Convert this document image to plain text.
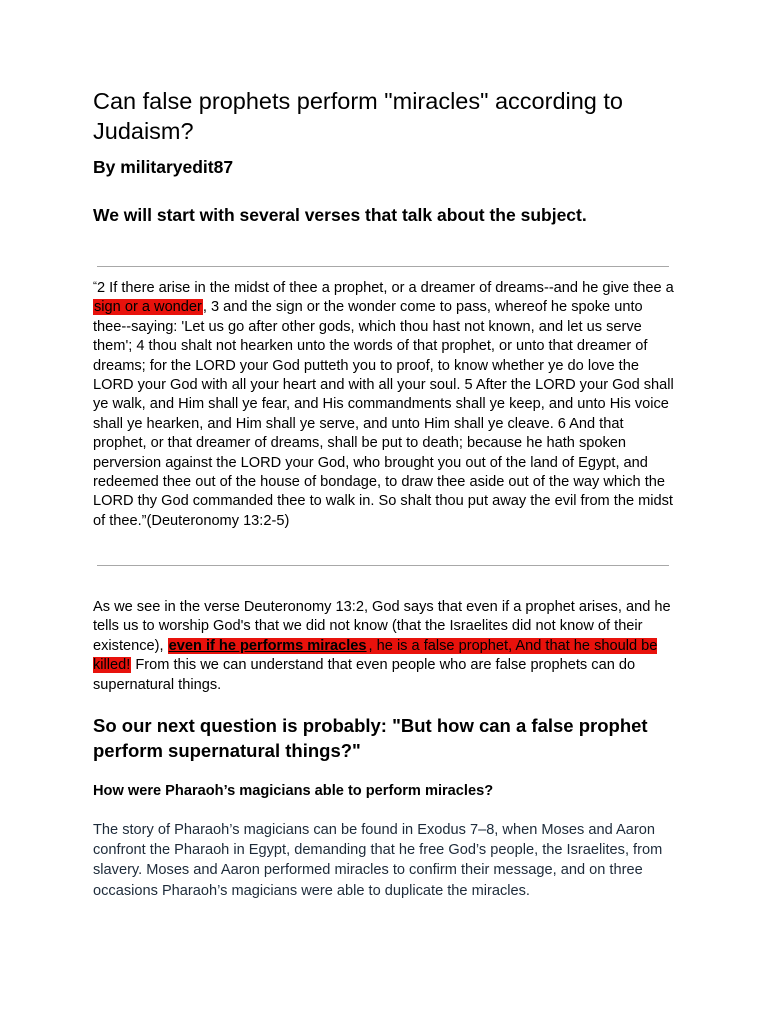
Can false prophets perform "miracles" according to Judaism?

By militaryedit87

We will start with several verses that talk about the subject.

“2 If there arise in the midst of thee a prophet, or a dreamer of dreams--and he give thee a sign or a wonder, 3 and the sign or the wonder come to pass, whereof he spoke unto thee--saying: 'Let us go after other gods, which thou hast not known, and let us serve them'; 4 thou shalt not hearken unto the words of that prophet, or unto that dreamer of dreams; for the LORD your God putteth you to proof, to know whether ye do love the LORD your God with all your heart and with all your soul. 5 After the LORD your God shall ye walk, and Him shall ye fear, and His commandments shall ye keep, and unto His voice shall ye hearken, and Him shall ye serve, and unto Him shall ye cleave. 6 And that prophet, or that dreamer of dreams, shall be put to death; because he hath spoken perversion against the LORD your God, who brought you out of the land of Egypt, and redeemed thee out of the house of bondage, to draw thee aside out of the way which the LORD thy God commanded thee to walk in. So shalt thou put away the evil from the midst of thee.”(Deuteronomy 13:2-5)

As we see in the verse Deuteronomy 13:2, God says that even if a prophet arises, and he tells us to worship God's that we did not know (that the Israelites did not know of their existence), even if he performs miracles , he is a false prophet, And that he should be killed! From this we can understand that even people who are false prophets can do supernatural things.

So our next question is probably: "But how can a false prophet perform supernatural things?"
How were Pharaoh’s magicians able to perform miracles?

The story of Pharaoh’s magicians can be found in Exodus 7–8, when Moses and Aaron confront the Pharaoh in Egypt, demanding that he free God’s people, the Israelites, from slavery. Moses and Aaron performed miracles to confirm their message, and on three occasions Pharaoh’s magicians were able to duplicate the miracles.
